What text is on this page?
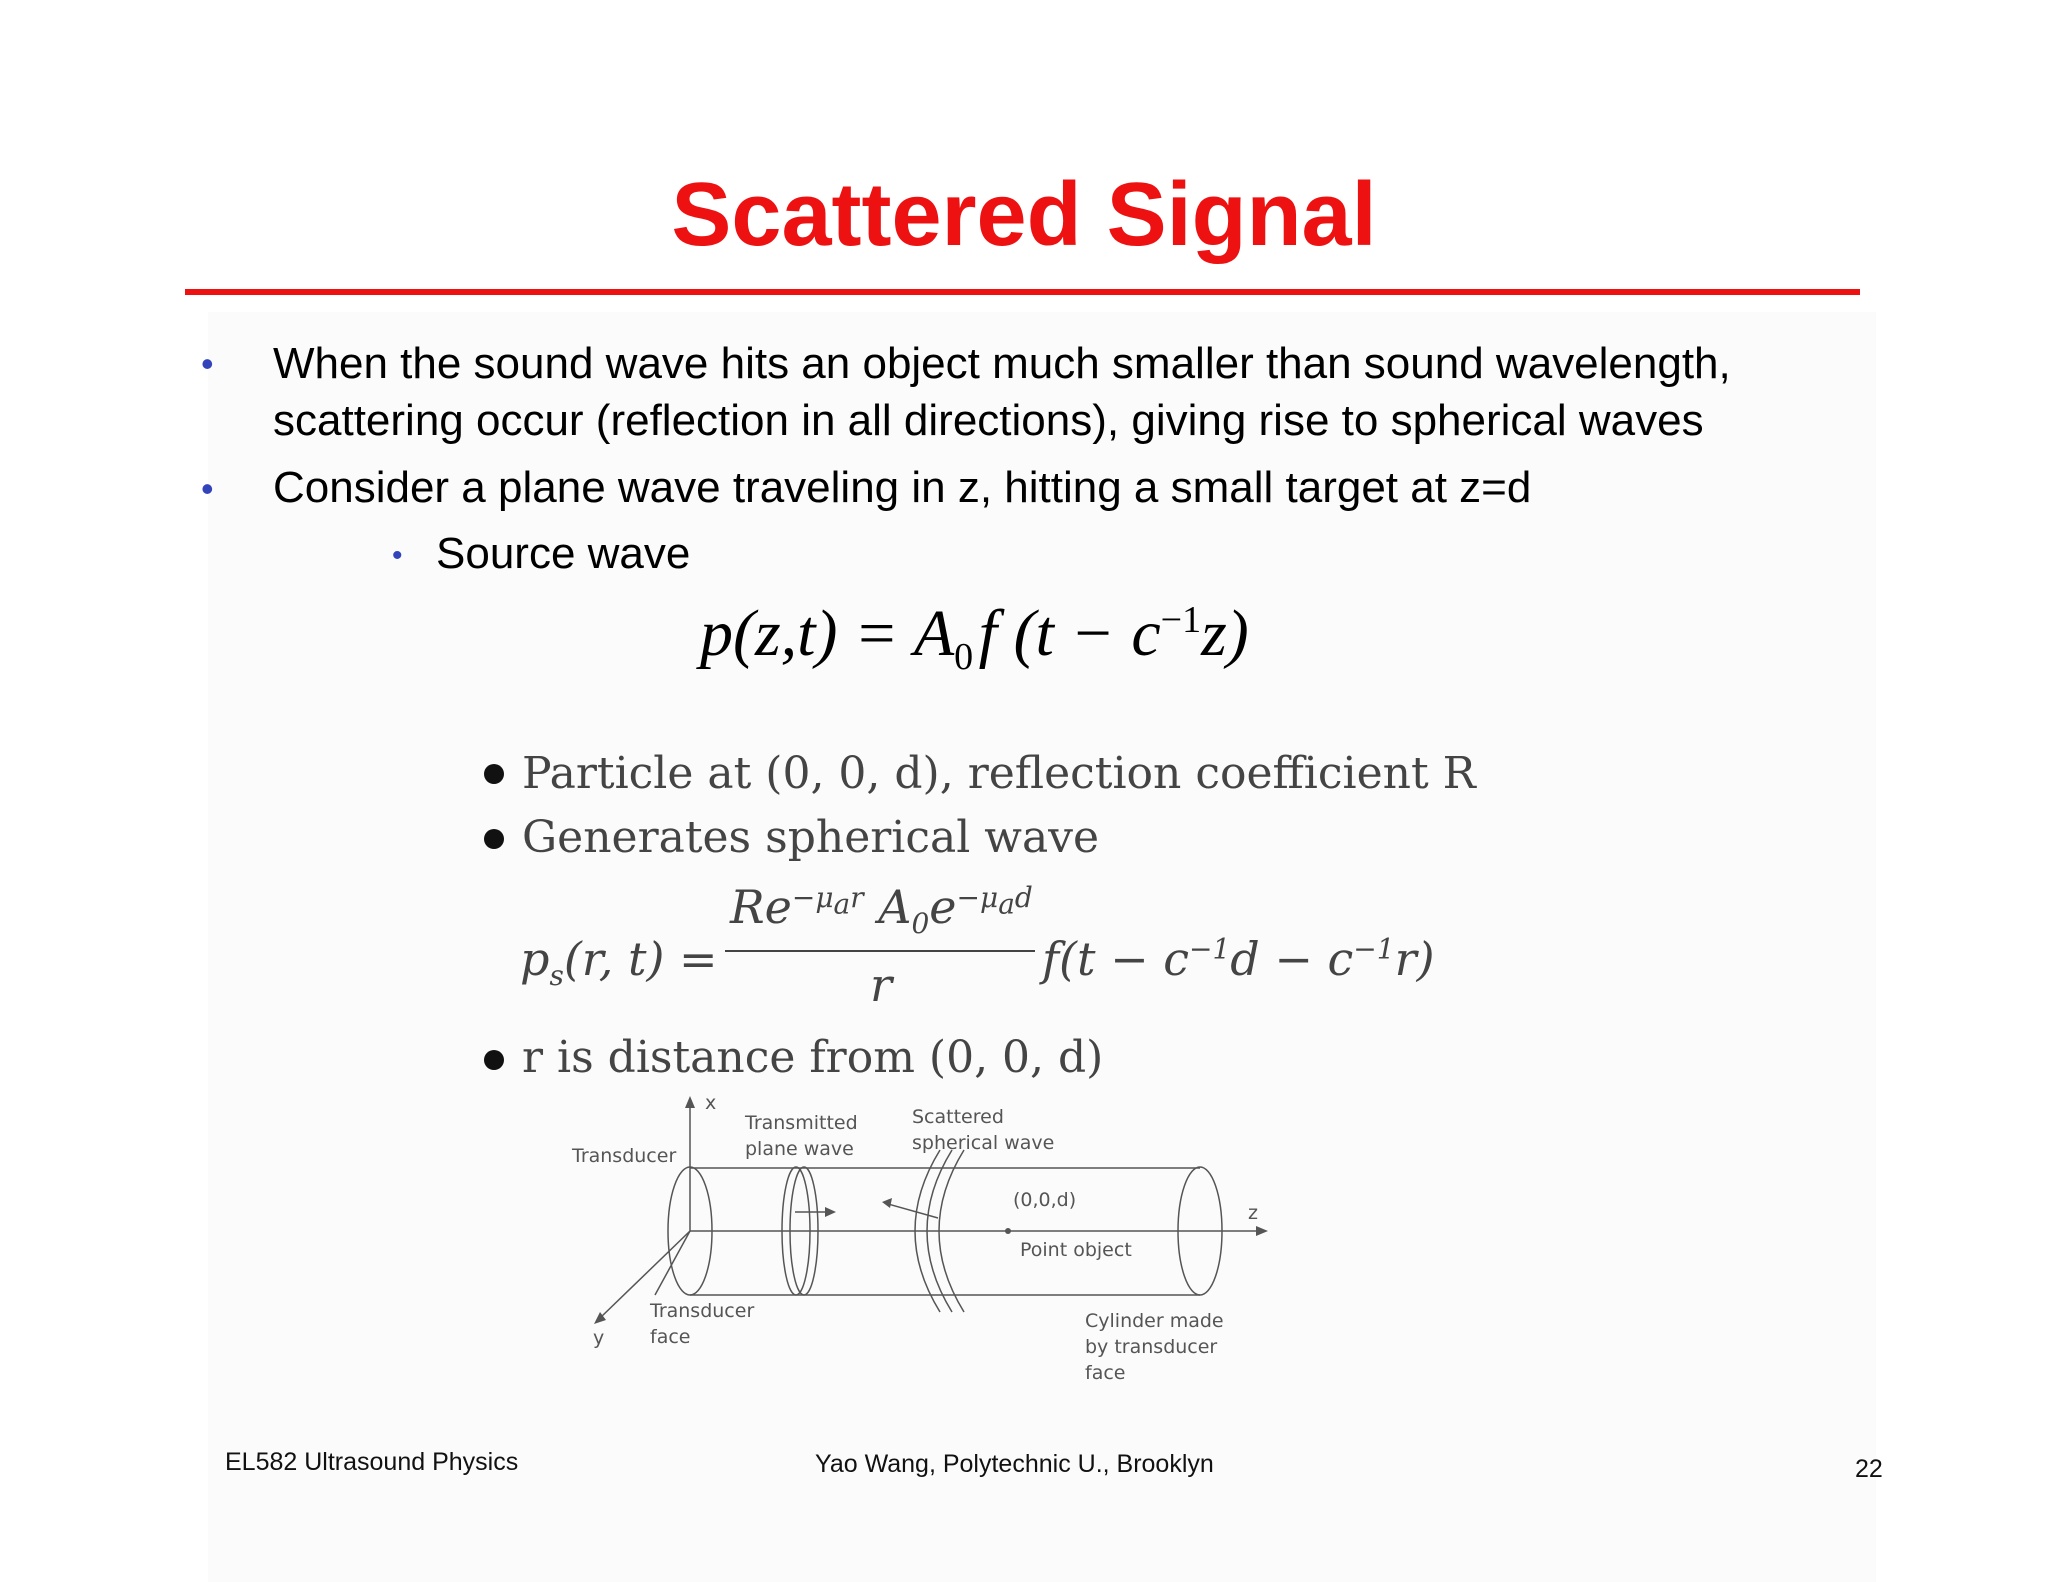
Scattered Signal
• When the sound wave hits an object much smaller than sound wavelength,
scattering occur (reflection in all directions), giving rise to spherical waves
• Consider a plane wave traveling in z, hitting a small target at z=d
• Source wave
$p(z,t) = A_0$ f $(t - c^{-1}z)$
Particle at (0, 0, d), reflection coefficient R
Generates spherical wave
$p_s(r$, t) =
$Re^{-\mu_ar}$ $A_0e^{-\mu_ad}$
r	$f(t - c^{-1}d - c^{-1}r)$
r is distance from (0, 0, d)
x
y
z
Transducer
Transmitted
plane wave
Scattered
spherical wave
(0,0,d)
Point object
Transducer
face
Cylinder made
by transducer
face
EL582 Ultrasound Physics	Yao Wang, Polytechnic U., Brooklyn	22
